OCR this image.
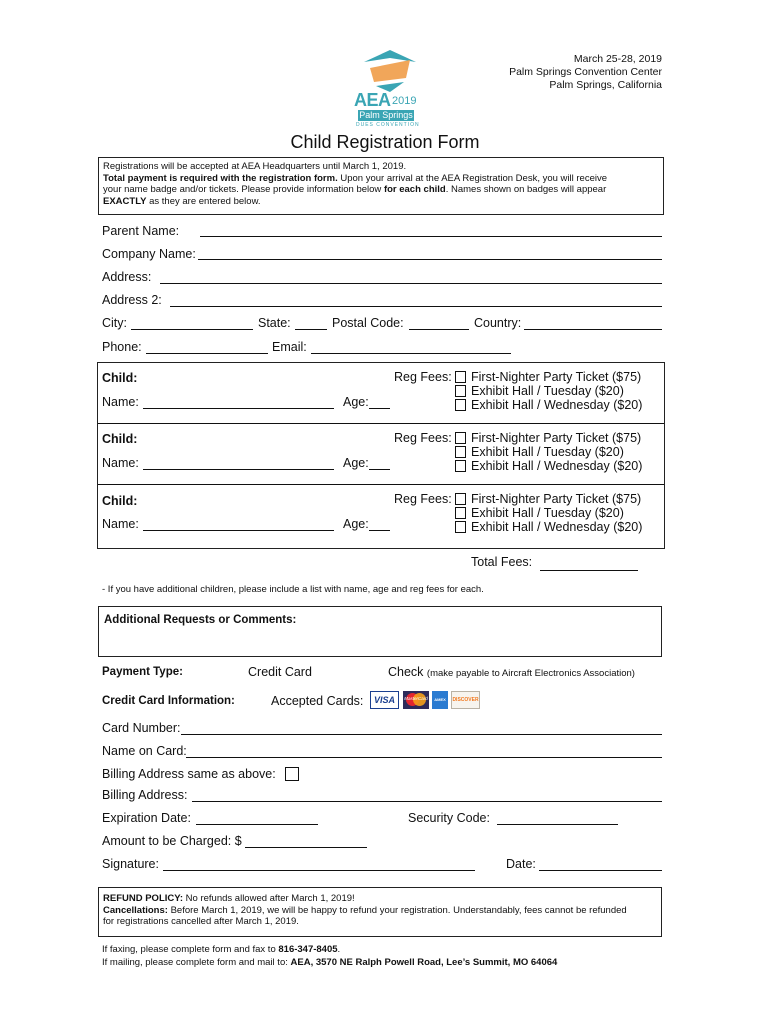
March 25-28, 2019
Palm Springs Convention Center
Palm Springs, California
AEA 2019
Palm Springs
DUES CONVENTION
Child Registration Form
Registrations will be accepted at AEA Headquarters until March 1, 2019.
Total payment is required with the registration form. Upon your arrival at the AEA Registration Desk, you will receive
your name badge and/or tickets. Please provide information below for each child. Names shown on badges will appear
EXACTLY as they are entered below.
Parent Name:
Company Name:
Address:
Address 2:
City:	State:	Postal Code:	Country:
Phone:	Email:
Child:
Name:	Age:
Reg Fees: First-Nighter Party Ticket ($75)
Exhibit Hall / Tuesday ($20)
Exhibit Hall / Wednesday ($20)
Child:
Name:	Age:
Reg Fees: First-Nighter Party Ticket ($75)
Exhibit Hall / Tuesday ($20)
Exhibit Hall / Wednesday ($20)
Child:
Name:	Age:
Reg Fees: First-Nighter Party Ticket ($75)
Exhibit Hall / Tuesday ($20)
Exhibit Hall / Wednesday ($20)
Total Fees:
- If you have additional children, please include a list with name, age and reg fees for each.
Additional Requests or Comments:
Payment Type:	Credit Card	Check (make payable to Aircraft Electronics Association)
Credit Card Information:	Accepted Cards:	VISA	MasterCard	AMEX	DISCOVER
Card Number:
Name on Card:
Billing Address same as above:
Billing Address:
Expiration Date:	Security Code:
Amount to be Charged: $
Signature:	Date:
REFUND POLICY: No refunds allowed after March 1, 2019!
Cancellations: Before March 1, 2019, we will be happy to refund your registration. Understandably, fees cannot be refunded
for registrations cancelled after March 1, 2019.
If faxing, please complete form and fax to 816-347-8405.
If mailing, please complete form and mail to: AEA, 3570 NE Ralph Powell Road, Lee’s Summit, MO 64064
